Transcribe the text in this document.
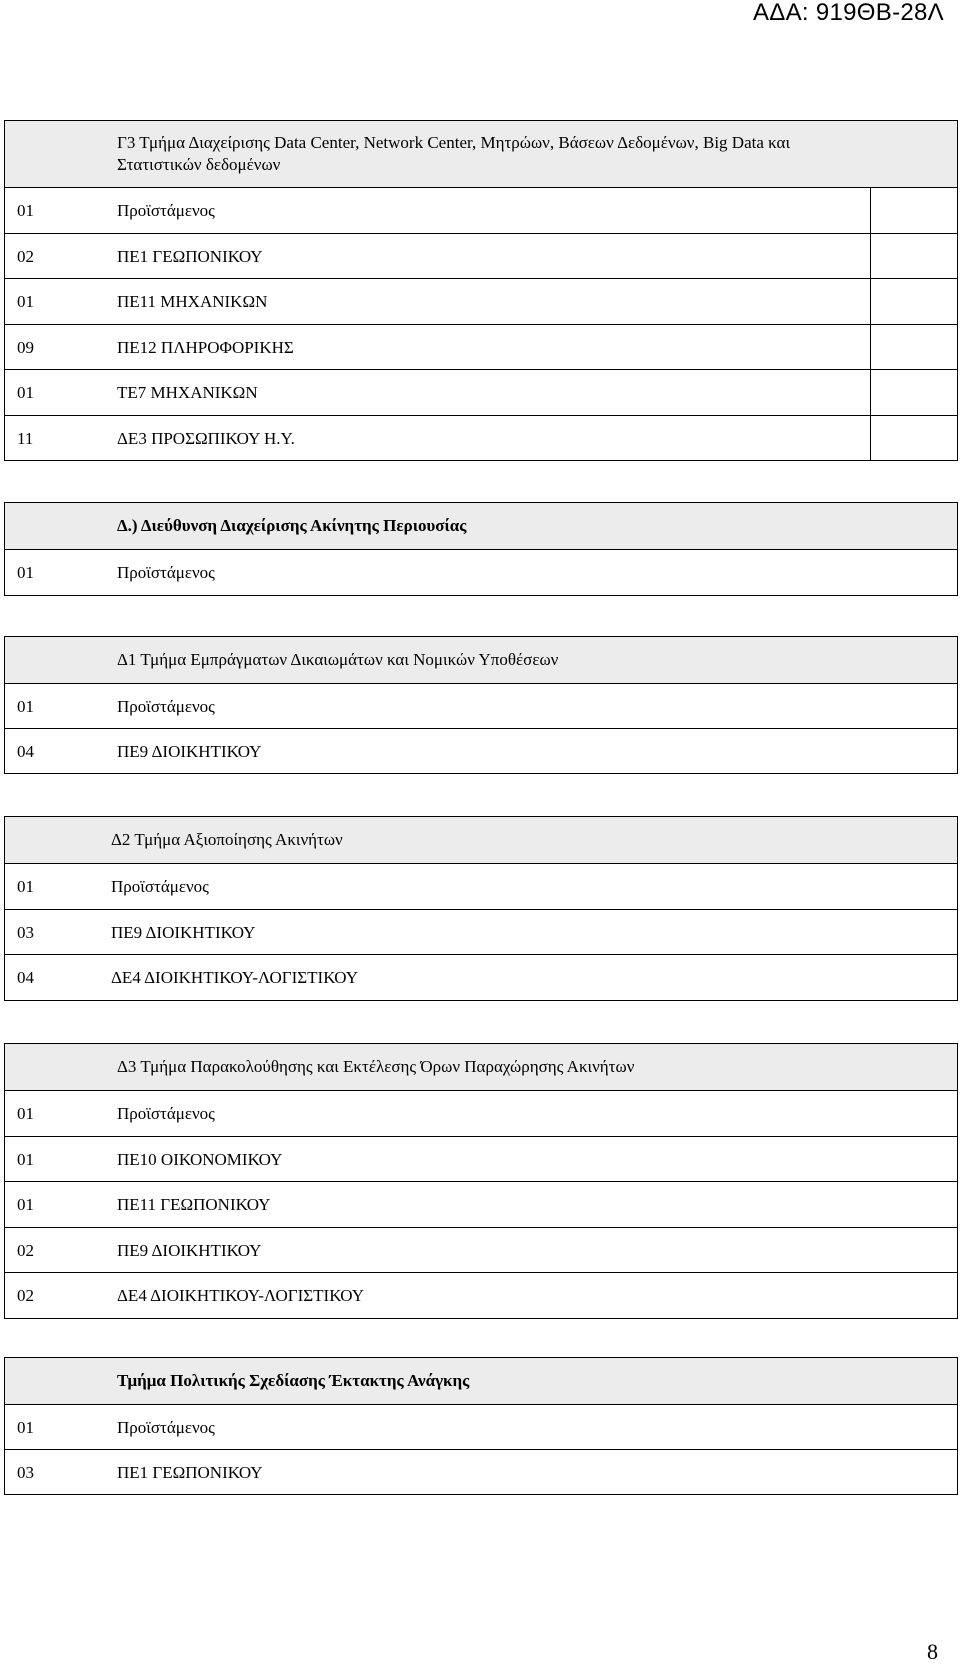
ΑΔΑ: 919ΘΒ-28Λ
Γ3 Τμήμα Διαχείρισης Data Center, Network Center, Μητρώων, Βάσεων Δεδομένων, Big Data και
Στατιστικών δεδομένων
01	Προϊστάμενος
02	ΠΕ1 ΓΕΩΠΟΝΙΚΟΥ
01	ΠΕ11 ΜΗΧΑΝΙΚΩΝ
09	ΠΕ12 ΠΛΗΡΟΦΟΡΙΚΗΣ
01	ΤΕ7 ΜΗΧΑΝΙΚΩΝ
11	ΔΕ3 ΠΡΟΣΩΠΙΚΟΥ Η.Υ.
Δ.) Διεύθυνση Διαχείρισης Ακίνητης Περιουσίας
01	Προϊστάμενος
Δ1 Τμήμα Εμπράγματων Δικαιωμάτων και Νομικών Υποθέσεων
01	Προϊστάμενος
04	ΠΕ9 ΔΙΟΙΚΗΤΙΚΟΥ
Δ2 Τμήμα Αξιοποίησης Ακινήτων
01	Προϊστάμενος
03	ΠΕ9 ΔΙΟΙΚΗΤΙΚΟΥ
04	ΔΕ4 ΔΙΟΙΚΗΤΙΚΟΥ-ΛΟΓΙΣΤΙΚΟΥ
Δ3 Τμήμα Παρακολούθησης και Εκτέλεσης Όρων Παραχώρησης Ακινήτων
01	Προϊστάμενος
01	ΠΕ10 ΟΙΚΟΝΟΜΙΚΟΥ
01	ΠΕ11 ΓΕΩΠΟΝΙΚΟΥ
02	ΠΕ9 ΔΙΟΙΚΗΤΙΚΟΥ
02	ΔΕ4 ΔΙΟΙΚΗΤΙΚΟΥ-ΛΟΓΙΣΤΙΚΟΥ
Τμήμα Πολιτικής Σχεδίασης Έκτακτης Ανάγκης
01	Προϊστάμενος
03	ΠΕ1 ΓΕΩΠΟΝΙΚΟΥ
8
